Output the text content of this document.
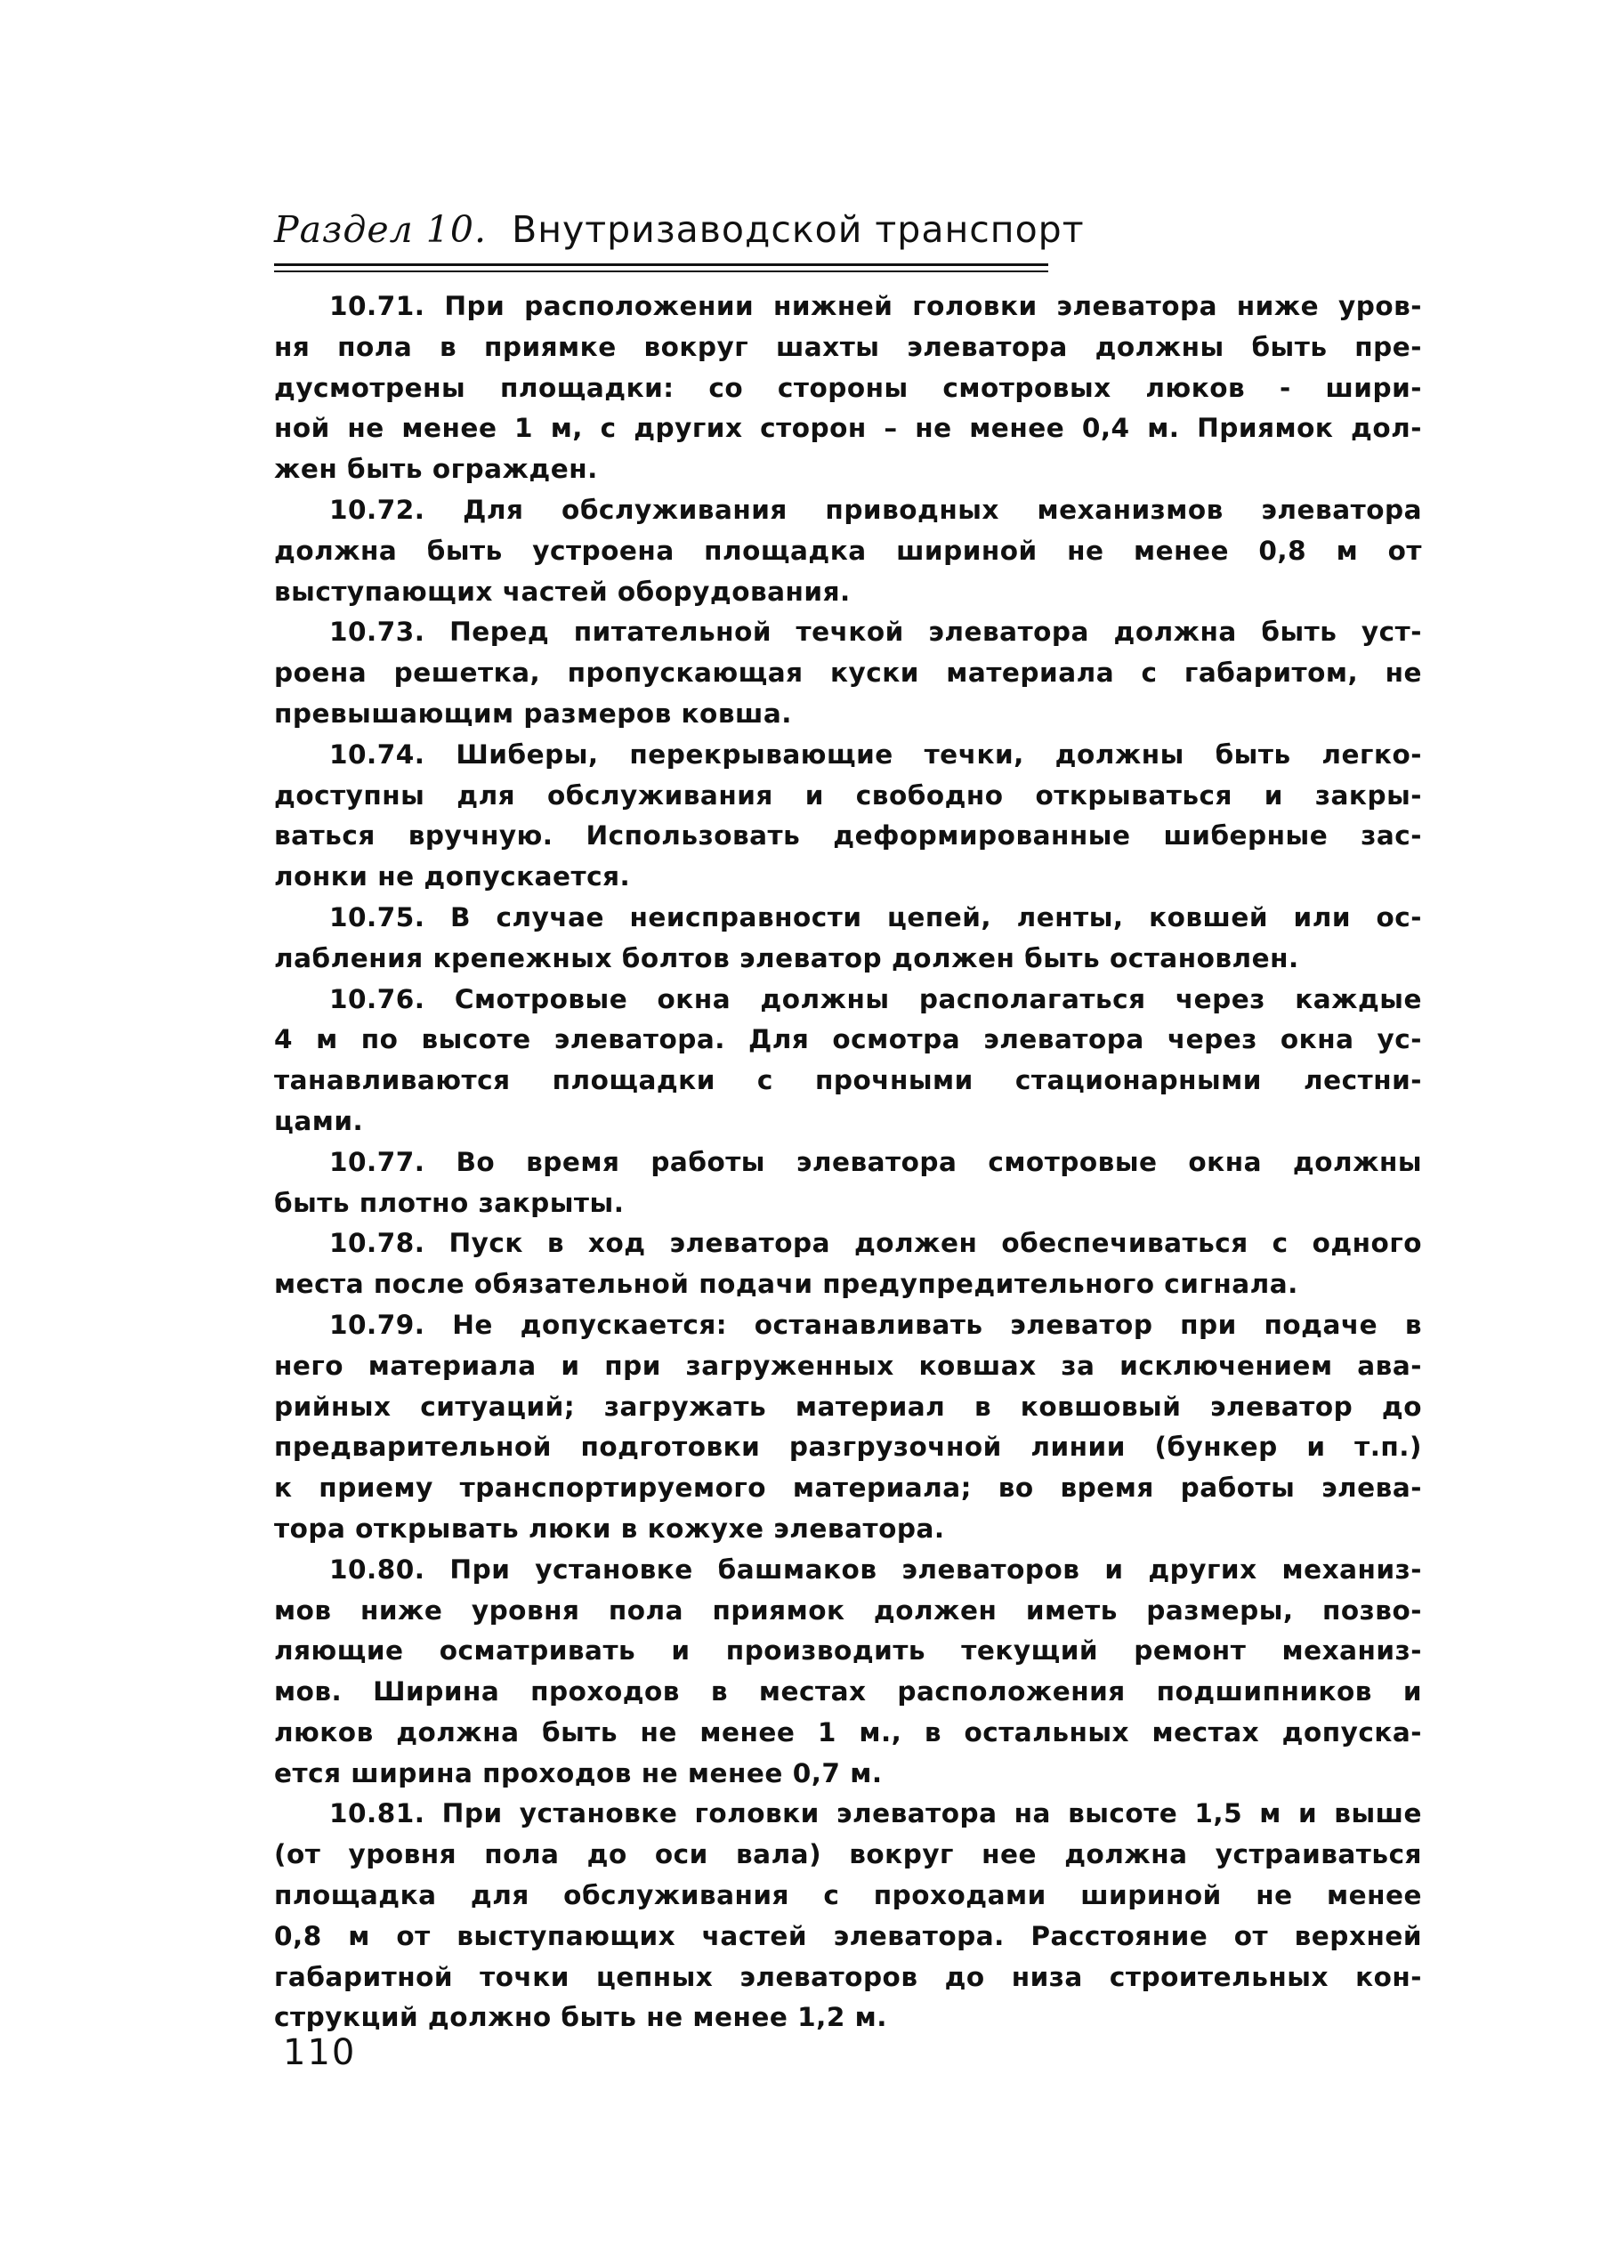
Раздел 10. Внутризаводской транспорт
10.71. При расположении нижней головки элеватора ниже уров-
ня пола в приямке вокруг шахты элеватора должны быть пре-
дусмотрены площадки: со стороны смотровых люков - шири-
ной не менее 1 м, с других сторон – не менее 0,4 м. Приямок дол-
жен быть огражден.
10.72. Для обслуживания приводных механизмов элеватора
должна быть устроена площадка шириной не менее 0,8 м от
выступающих частей оборудования.
10.73. Перед питательной течкой элеватора должна быть уст-
роена решетка, пропускающая куски материала с габаритом, не
превышающим размеров ковша.
10.74. Шиберы, перекрывающие течки, должны быть легко-
доступны для обслуживания и свободно открываться и закры-
ваться вручную. Использовать деформированные шиберные зас-
лонки не допускается.
10.75. В случае неисправности цепей, ленты, ковшей или ос-
лабления крепежных болтов элеватор должен быть остановлен.
10.76. Смотровые окна должны располагаться через каждые
4 м по высоте элеватора. Для осмотра элеватора через окна ус-
танавливаются площадки с прочными стационарными лестни-
цами.
10.77. Во время работы элеватора смотровые окна должны
быть плотно закрыты.
10.78. Пуск в ход элеватора должен обеспечиваться с одного
места после обязательной подачи предупредительного сигнала.
10.79. Не допускается: останавливать элеватор при подаче в
него материала и при загруженных ковшах за исключением ава-
рийных ситуаций; загружать материал в ковшовый элеватор до
предварительной подготовки разгрузочной линии (бункер и т.п.)
к приему транспортируемого материала; во время работы элева-
тора открывать люки в кожухе элеватора.
10.80. При установке башмаков элеваторов и других механиз-
мов ниже уровня пола приямок должен иметь размеры, позво-
ляющие осматривать и производить текущий ремонт механиз-
мов. Ширина проходов в местах расположения подшипников и
люков должна быть не менее 1 м., в остальных местах допуска-
ется ширина проходов не менее 0,7 м.
10.81. При установке головки элеватора на высоте 1,5 м и выше
(от уровня пола до оси вала) вокруг нее должна устраиваться
площадка для обслуживания с проходами шириной не менее
0,8 м от выступающих частей элеватора. Расстояние от верхней
габаритной точки цепных элеваторов до низа строительных кон-
струкций должно быть не менее 1,2 м.
110
